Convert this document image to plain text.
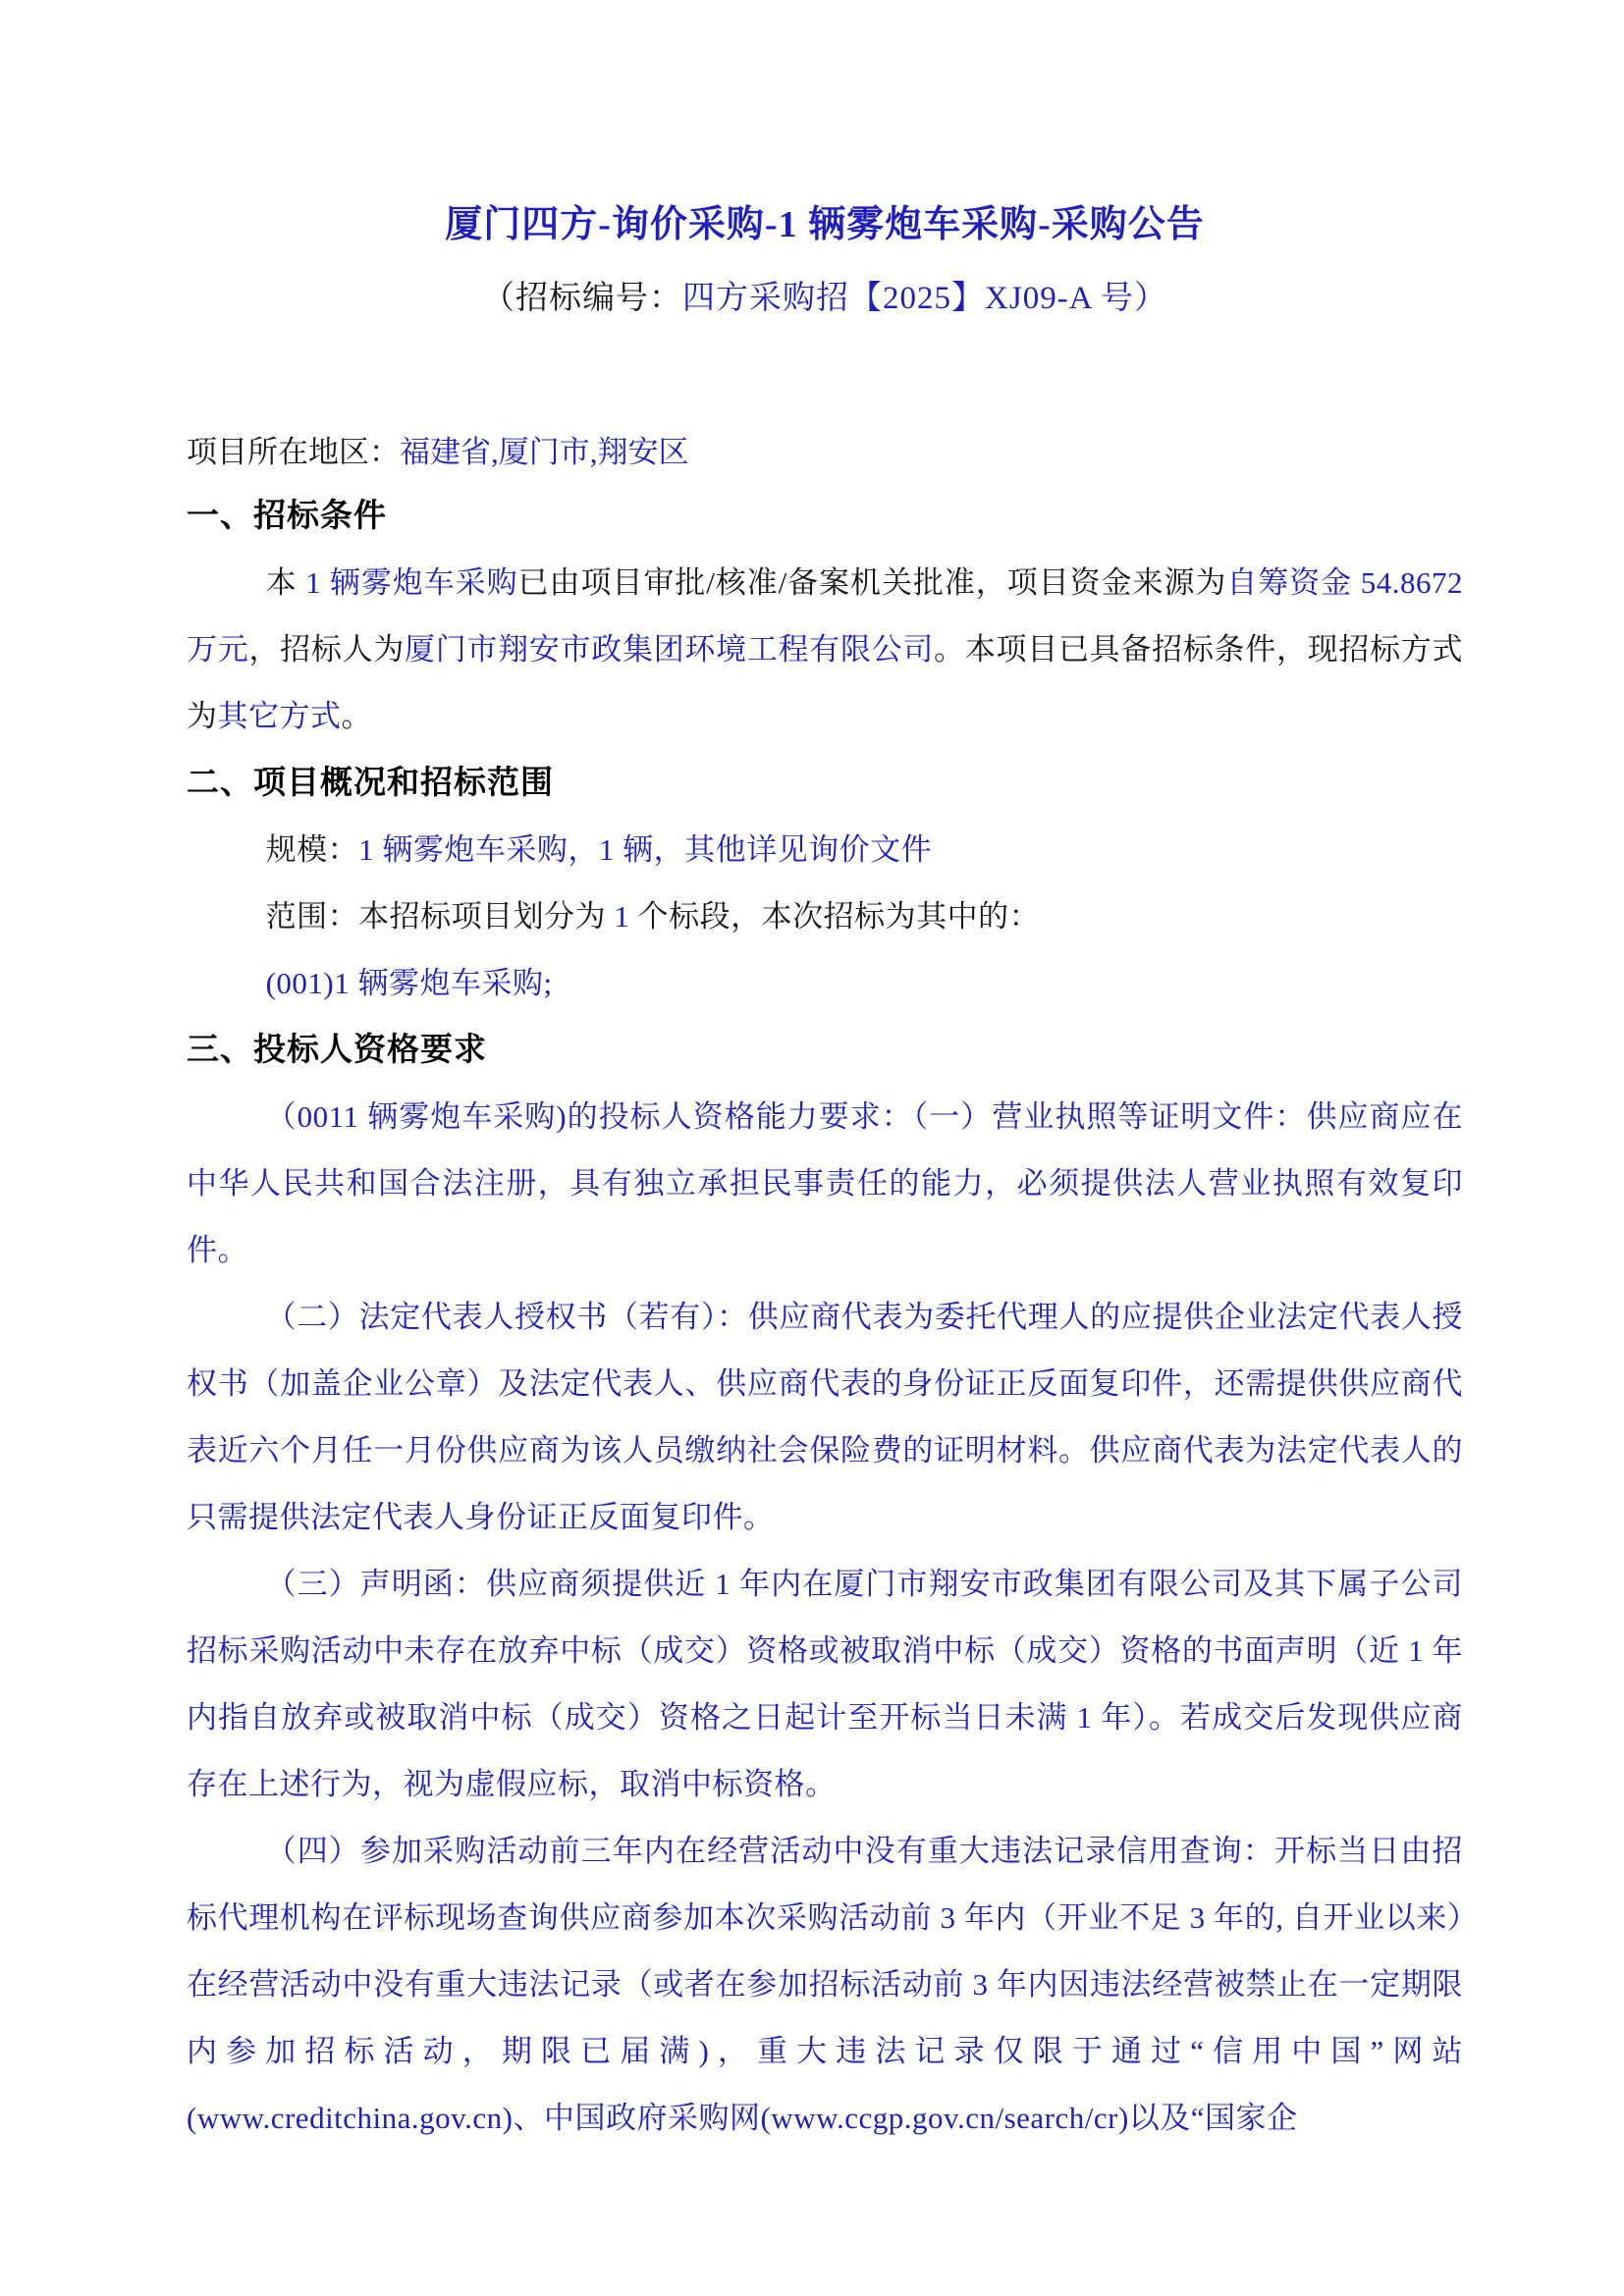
厦门四方-询价采购-1 辆雾炮车采购-采购公告
（招标编号：四方采购招【2025】XJ09-A 号）
项目所在地区：福建省,厦门市,翔安区
一、招标条件

本 1 辆雾炮车采购已由项目审批/核准/备案机关批准，项目资金来源为自筹资金 54.8672 万元，招标人为厦门市翔安市政集团环境工程有限公司。本项目已具备招标条件，现招标方式为其它方式。

二、项目概况和招标范围

规模：1 辆雾炮车采购，1 辆，其他详见询价文件

范围：本招标项目划分为 1 个标段，本次招标为其中的：

(001)1 辆雾炮车采购;

三、投标人资格要求

（0011 辆雾炮车采购)的投标人资格能力要求：（一）营业执照等证明文件：供应商应在中华人民共和国合法注册，具有独立承担民事责任的能力，必须提供法人营业执照有效复印件。

（二）法定代表人授权书（若有）：供应商代表为委托代理人的应提供企业法定代表人授权书（加盖企业公章）及法定代表人、供应商代表的身份证正反面复印件，还需提供供应商代表近六个月任一月份供应商为该人员缴纳社会保险费的证明材料。供应商代表为法定代表人的只需提供法定代表人身份证正反面复印件。

（三）声明函：供应商须提供近 1 年内在厦门市翔安市政集团有限公司及其下属子公司招标采购活动中未存在放弃中标（成交）资格或被取消中标（成交）资格的书面声明（近 1 年内指自放弃或被取消中标（成交）资格之日起计至开标当日未满 1 年）。若成交后发现供应商存在上述行为，视为虚假应标，取消中标资格。

（四）参加采购活动前三年内在经营活动中没有重大违法记录信用查询：开标当日由招标代理机构在评标现场查询供应商参加本次采购活动前 3 年内（开业不足 3 年的, 自开业以来）在经营活动中没有重大违法记录（或者在参加招标活动前 3 年内因违法经营被禁止在一定期限内参加招标活动，期限已届满)，重大违法记录仅限于通过“信用中国”网站(www.creditchina.gov.cn)、中国政府采购网(www.ccgp.gov.cn/search/cr)以及“国家企
